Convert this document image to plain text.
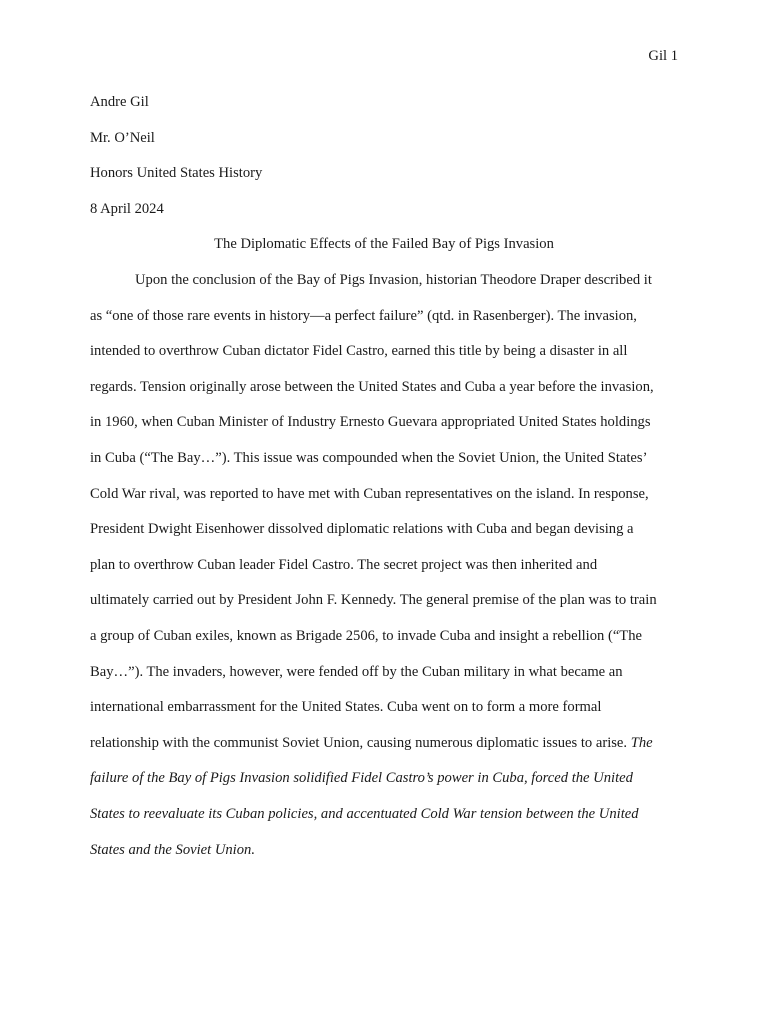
Gil 1
Andre Gil
Mr. O’Neil
Honors United States History
8 April 2024
The Diplomatic Effects of the Failed Bay of Pigs Invasion
Upon the conclusion of the Bay of Pigs Invasion, historian Theodore Draper described it
as “one of those rare events in history—a perfect failure” (qtd. in Rasenberger). The invasion,
intended to overthrow Cuban dictator Fidel Castro, earned this title by being a disaster in all
regards. Tension originally arose between the United States and Cuba a year before the invasion,
in 1960, when Cuban Minister of Industry Ernesto Guevara appropriated United States holdings
in Cuba (“The Bay…”). This issue was compounded when the Soviet Union, the United States’
Cold War rival, was reported to have met with Cuban representatives on the island. In response,
President Dwight Eisenhower dissolved diplomatic relations with Cuba and began devising a
plan to overthrow Cuban leader Fidel Castro. The secret project was then inherited and
ultimately carried out by President John F. Kennedy. The general premise of the plan was to train
a group of Cuban exiles, known as Brigade 2506, to invade Cuba and insight a rebellion (“The
Bay…”). The invaders, however, were fended off by the Cuban military in what became an
international embarrassment for the United States. Cuba went on to form a more formal
relationship with the communist Soviet Union, causing numerous diplomatic issues to arise. The
failure of the Bay of Pigs Invasion solidified Fidel Castro’s power in Cuba, forced the United
States to reevaluate its Cuban policies, and accentuated Cold War tension between the United
States and the Soviet Union.
